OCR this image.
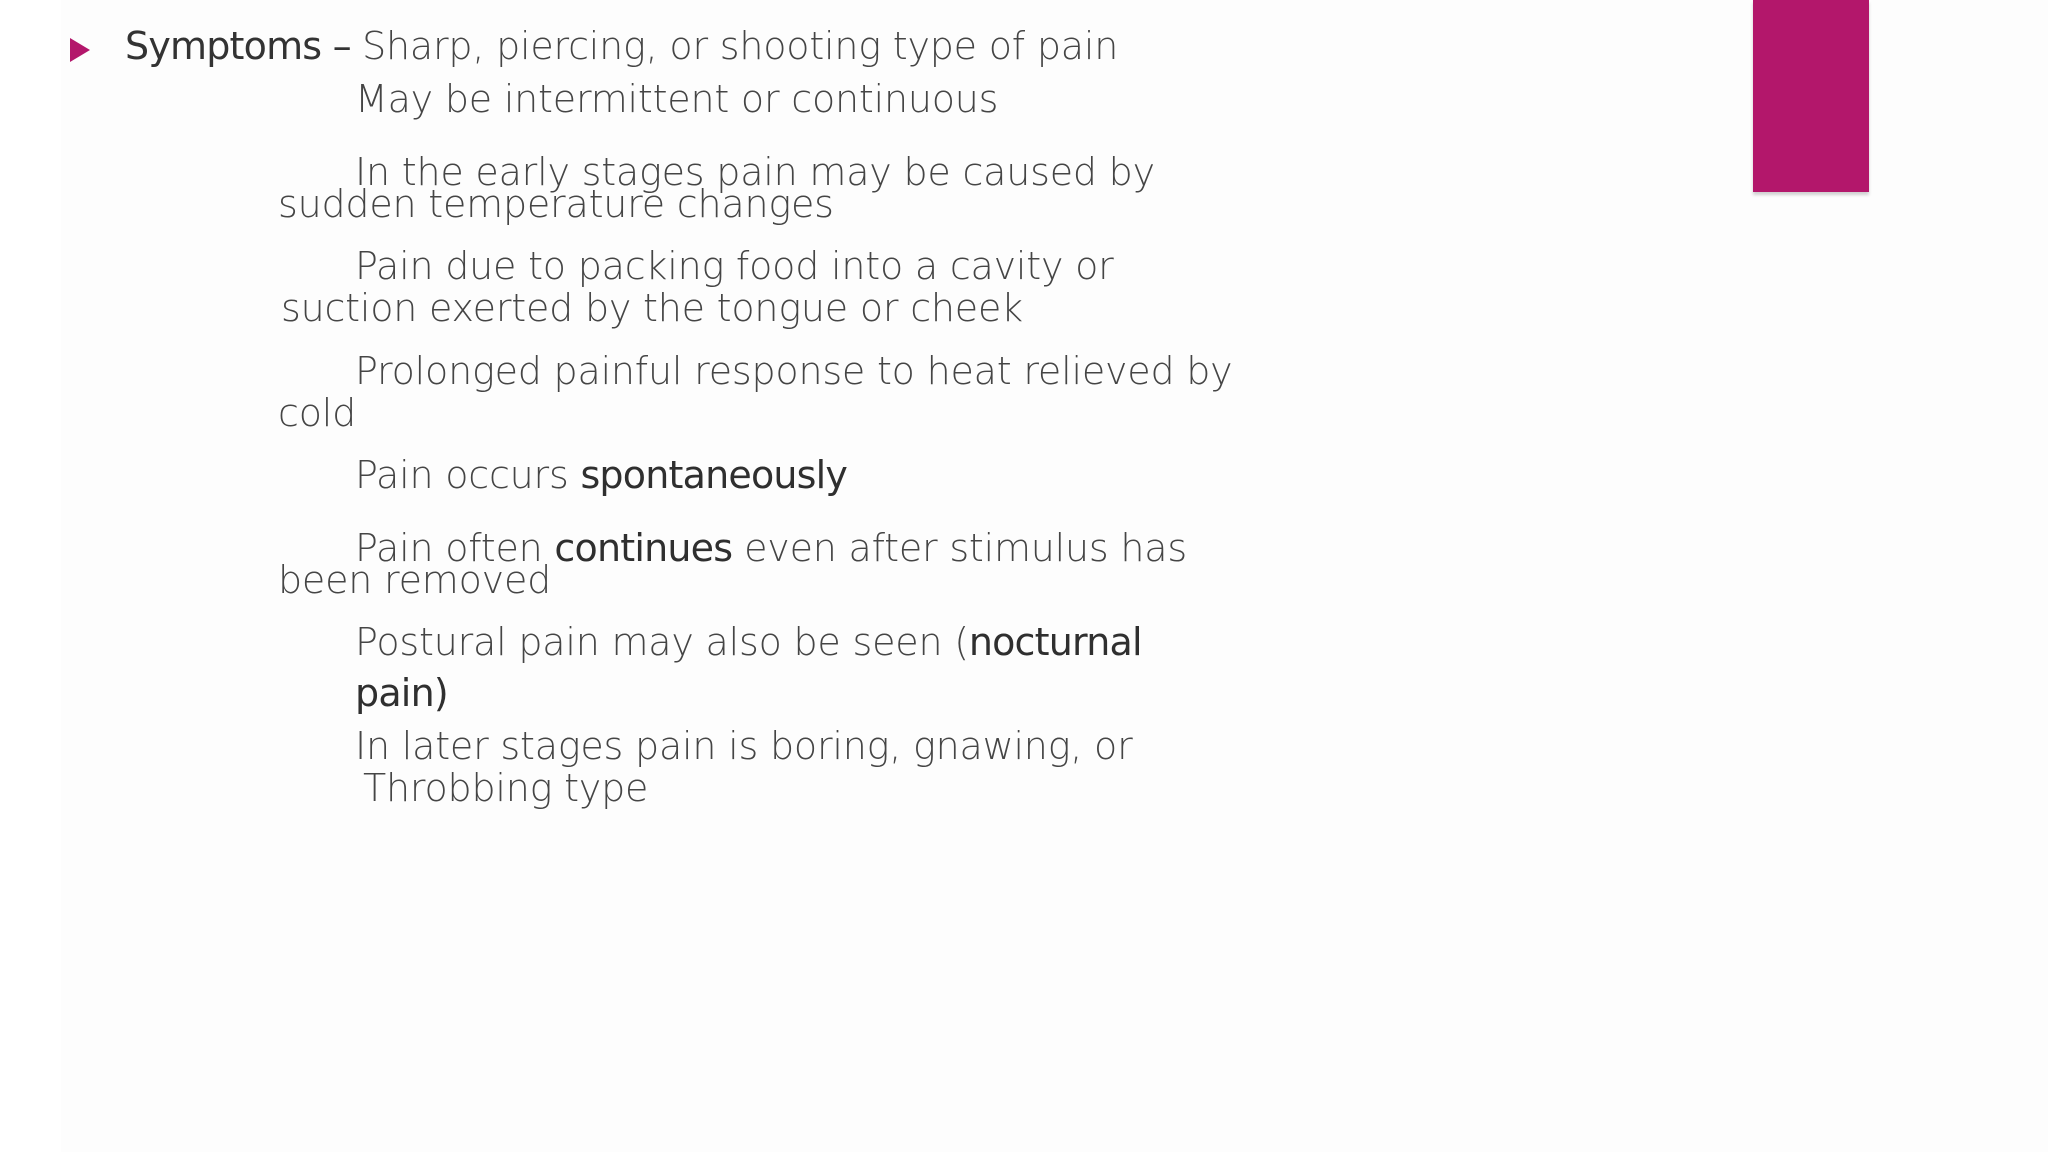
Symptoms – Sharp, piercing, or shooting type of pain

May be intermittent or continuous

In the early stages pain may be caused by

sudden temperature changes

Pain due to packing food into a cavity or

suction exerted by the tongue or cheek

Prolonged painful response to heat relieved by

cold

Pain occurs spontaneously

Pain often continues even after stimulus has

been removed

Postural pain may also be seen (nocturnal

pain)

In later stages pain is boring, gnawing, or

Throbbing type
